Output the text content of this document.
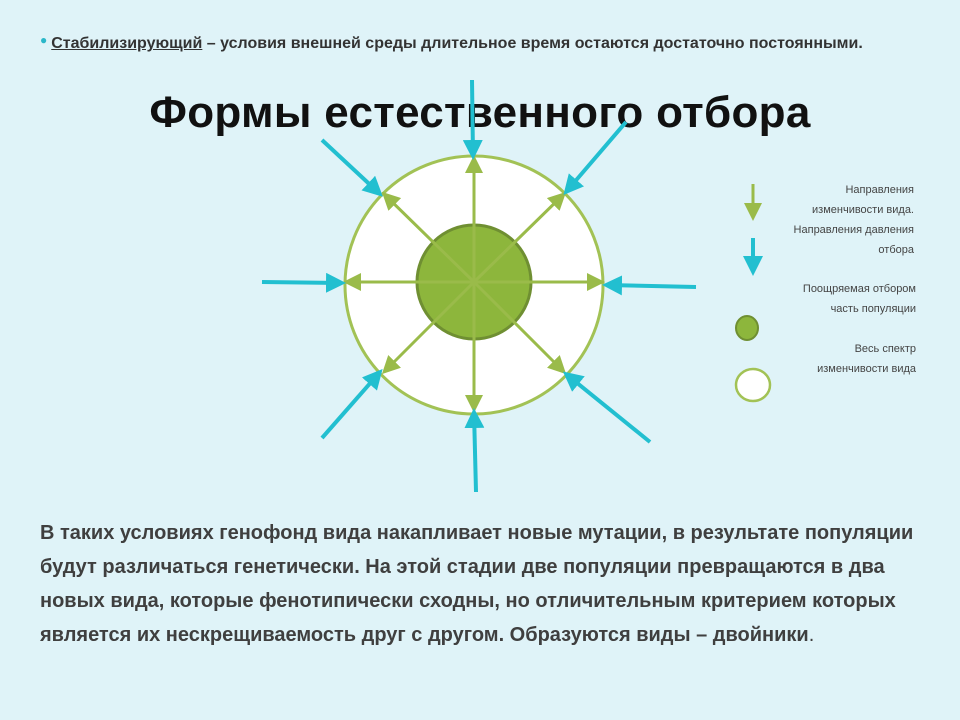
● Стабилизирующий – условия внешней среды длительное время остаются достаточно постоянными.
Формы естественного отбора
Направления изменчивости вида.
Направления давления отбора
Поощряемая отбором часть популяции
Весь спектр изменчивости вида
В таких условиях генофонд вида накапливает новые мутации, в результате популяции будут различаться генетически. На этой стадии две популяции превращаются в два новых вида, которые фенотипически сходны, но отличительным критерием которых является их нескрещиваемость друг с другом. Образуются виды – двойники.
